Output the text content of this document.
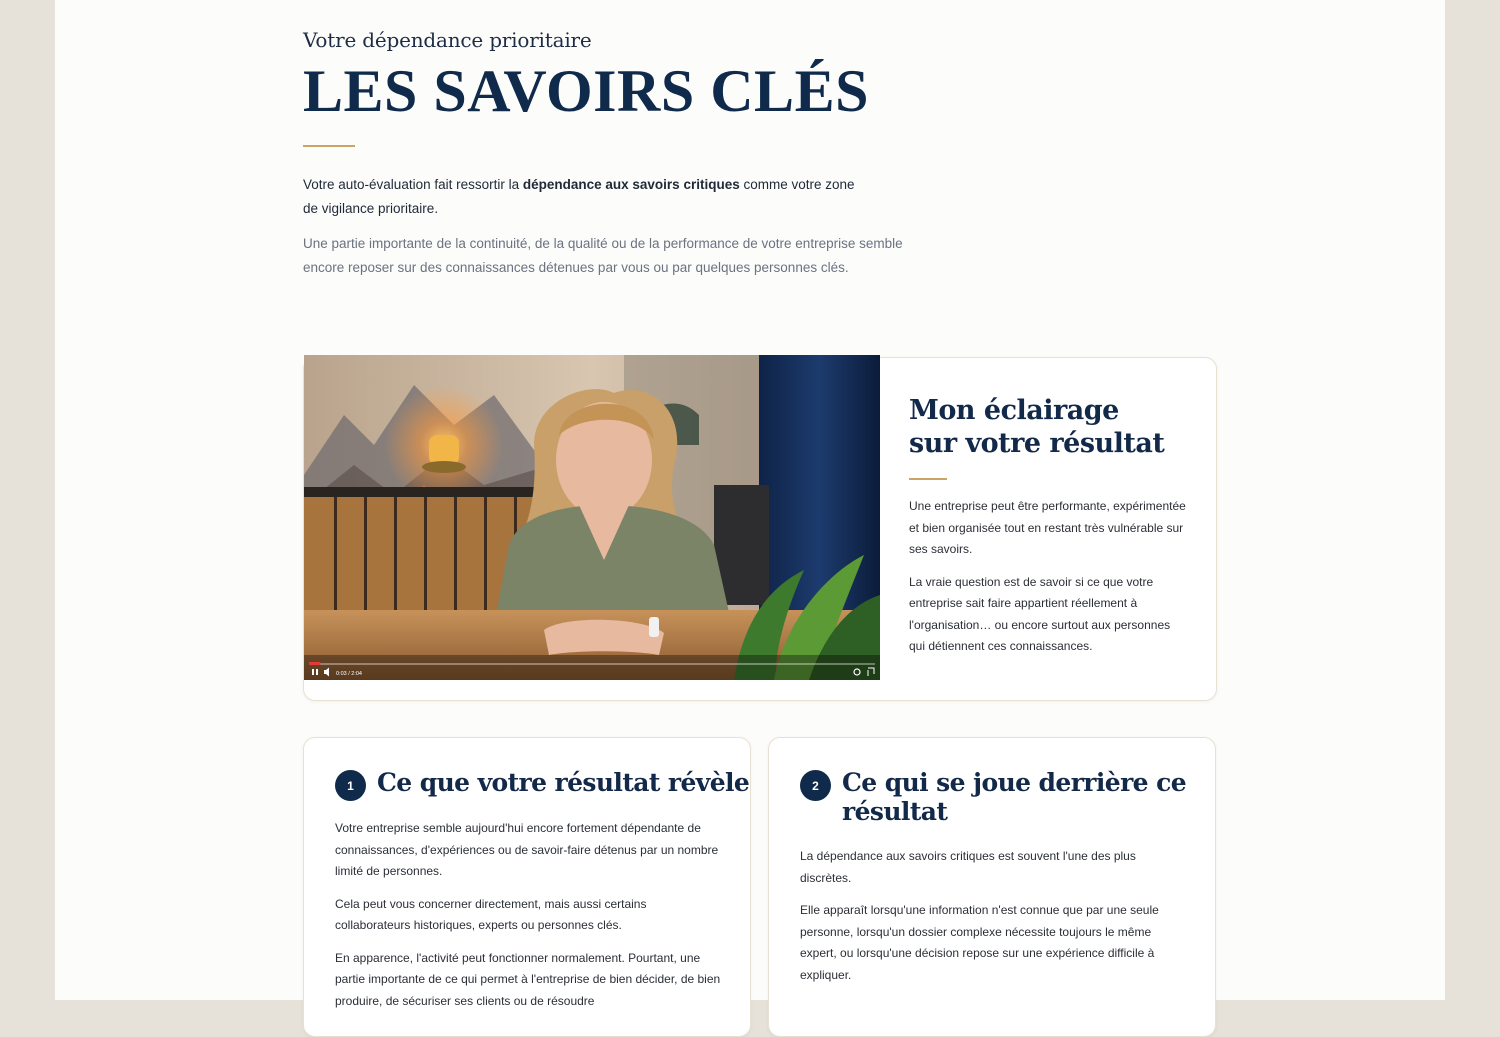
Votre dépendance prioritaire
LES SAVOIRS CLÉS

Votre auto-évaluation fait ressortir la dépendance aux savoirs critiques comme votre zone de vigilance prioritaire.

Une partie importante de la continuité, de la qualité ou de la performance de votre entreprise semble encore reposer sur des connaissances détenues par vous ou par quelques personnes clés.

Mon éclairage
sur votre résultat

Une entreprise peut être performante, expérimentée et bien organisée tout en restant très vulnérable sur ses savoirs.

La vraie question est de savoir si ce que votre entreprise sait faire appartient réellement à l'organisation… ou encore surtout aux personnes qui détiennent ces connaissances.

0:03 / 2:04
1 Ce que votre résultat révèle

Votre entreprise semble aujourd'hui encore fortement dépendante de connaissances, d'expériences ou de savoir-faire détenus par un nombre limité de personnes.

Cela peut vous concerner directement, mais aussi certains collaborateurs historiques, experts ou personnes clés.

En apparence, l'activité peut fonctionner normalement. Pourtant, une partie importante de ce qui permet à l'entreprise de bien décider, de bien produire, de sécuriser ses clients ou de résoudre

2 Ce qui se joue derrière ce
résultat

La dépendance aux savoirs critiques est souvent l'une des plus discrètes.

Elle apparaît lorsqu'une information n'est connue que par une seule personne, lorsqu'un dossier complexe nécessite toujours le même expert, ou lorsqu'une décision repose sur une expérience difficile à expliquer.
